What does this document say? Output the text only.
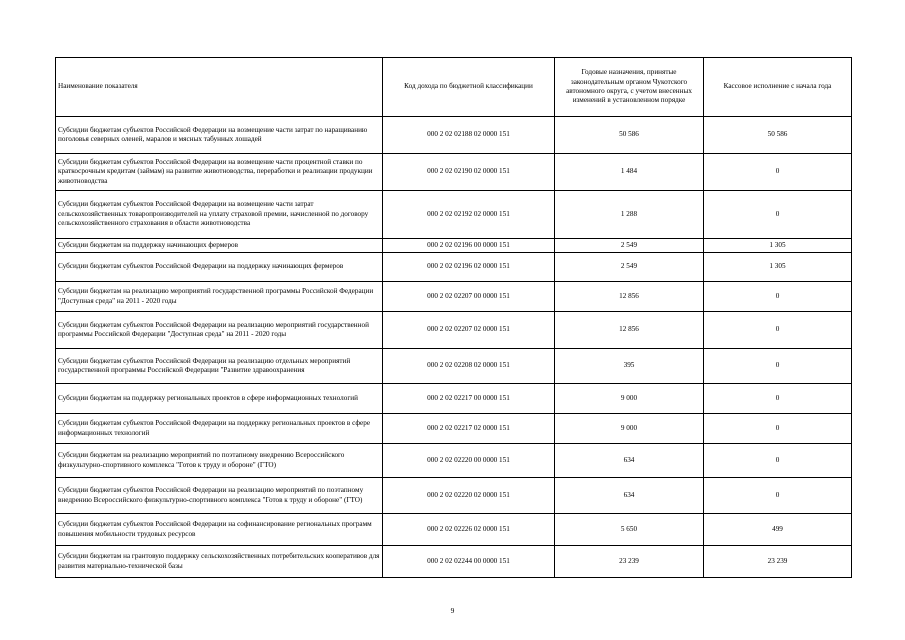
Наименование показателя	Код дохода по бюджетной классификации	Годовые назначения, принятые законодательным органом Чукотского автономного округа, с учетом внесенных изменений в установленном порядке	Кассовое исполнение с начала года
Субсидии бюджетам субъектов Российской Федерации на возмещение части затрат по наращиванию поголовья северных оленей, маралов и мясных табунных лошадей	000 2 02 02188 02 0000 151	50 586	50 586
Субсидии бюджетам субъектов Российской Федерации на возмещение части процентной ставки по краткосрочным кредитам (займам) на развитие животноводства, переработки и реализации продукции животноводства	000 2 02 02190 02 0000 151	1 484	0
Субсидии бюджетам субъектов Российской Федерации на возмещение части затрат сельскохозяйственных товаропроизводителей на уплату страховой премии, начисленной по договору сельскохозяйственного страхования в области животноводства	000 2 02 02192 02 0000 151	1 288	0
Субсидии бюджетам на поддержку начинающих фермеров	000 2 02 02196 00 0000 151	2 549	1 305
Субсидии бюджетам субъектов Российской Федерации на поддержку начинающих фермеров	000 2 02 02196 02 0000 151	2 549	1 305
Субсидии бюджетам на реализацию мероприятий государственной программы Российской Федерации "Доступная среда" на 2011 - 2020 годы	000 2 02 02207 00 0000 151	12 856	0
Субсидии бюджетам субъектов Российской Федерации на реализацию мероприятий государственной программы Российской Федерации "Доступная среда" на 2011 - 2020 годы	000 2 02 02207 02 0000 151	12 856	0
Субсидии бюджетам субъектов Российской Федерации на реализацию отдельных мероприятий государственной программы Российской Федерации "Развитие здравоохранения	000 2 02 02208 02 0000 151	395	0
Субсидии бюджетам на поддержку региональных проектов в сфере информационных технологий	000 2 02 02217 00 0000 151	9 000	0
Субсидии бюджетам субъектов Российской Федерации на поддержку региональных проектов в сфере информационных технологий	000 2 02 02217 02 0000 151	9 000	0
Субсидии бюджетам на реализацию мероприятий по поэтапному внедрению Всероссийского физкультурно-спортивного комплекса "Готов к труду и обороне" (ГТО)	000 2 02 02220 00 0000 151	634	0
Субсидии бюджетам субъектов Российской Федерации на реализацию мероприятий по поэтапному внедрению Всероссийского физкультурно-спортивного комплекса "Готов к труду и обороне" (ГТО)	000 2 02 02220 02 0000 151	634	0
Субсидии бюджетам субъектов Российской Федерации на софинансирование региональных программ повышения мобильности трудовых ресурсов	000 2 02 02226 02 0000 151	5 650	499
Субсидии бюджетам на грантовую поддержку сельскохозяйственных потребительских кооперативов для развития материально-технической базы	000 2 02 02244 00 0000 151	23 239	23 239
9
